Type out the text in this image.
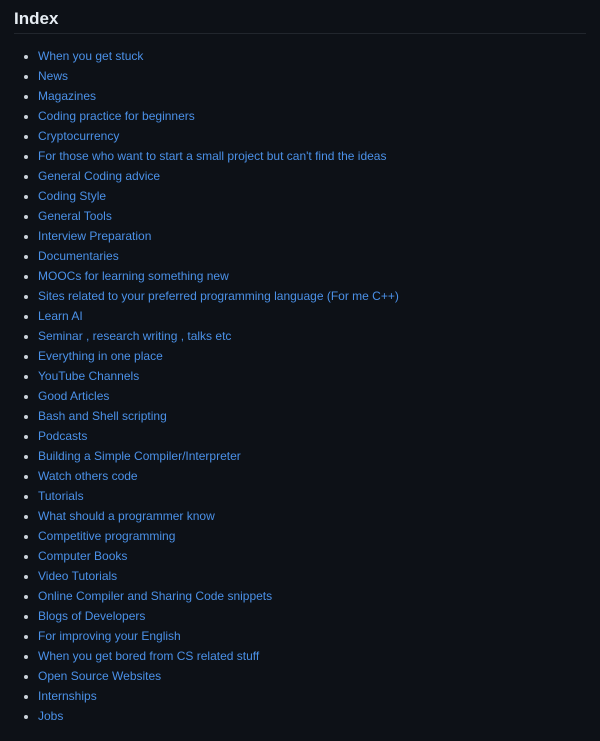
Index
• When you get stuck
• News
• Magazines
• Coding practice for beginners
• Cryptocurrency
• For those who want to start a small project but can't find the ideas
• General Coding advice
• Coding Style
• General Tools
• Interview Preparation
• Documentaries
• MOOCs for learning something new
• Sites related to your preferred programming language (For me C++)
• Learn AI
• Seminar , research writing , talks etc
• Everything in one place
• YouTube Channels
• Good Articles
• Bash and Shell scripting
• Podcasts
• Building a Simple Compiler/Interpreter
• Watch others code
• Tutorials
• What should a programmer know
• Competitive programming
• Computer Books
• Video Tutorials
• Online Compiler and Sharing Code snippets
• Blogs of Developers
• For improving your English
• When you get bored from CS related stuff
• Open Source Websites
• Internships
• Jobs
